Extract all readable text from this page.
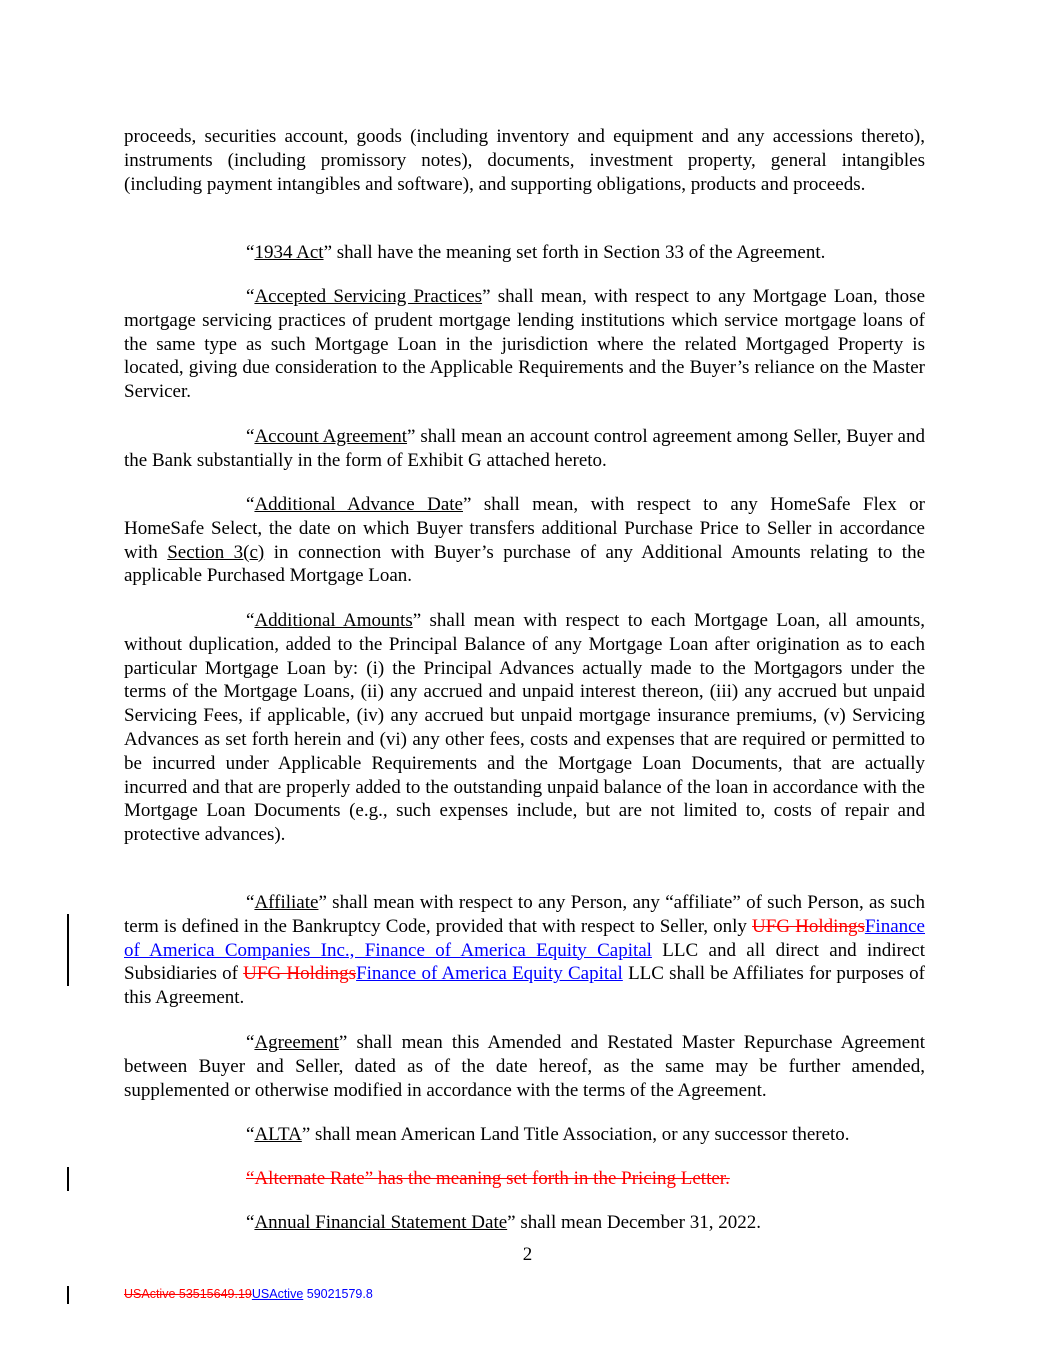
proceeds, securities account, goods (including inventory and equipment and any accessions thereto), instruments (including promissory notes), documents, investment property, general intangibles (including payment intangibles and software), and supporting obligations, products and proceeds.

“1934 Act” shall have the meaning set forth in Section 33 of the Agreement.

“Accepted Servicing Practices” shall mean, with respect to any Mortgage Loan, those mortgage servicing practices of prudent mortgage lending institutions which service mortgage loans of the same type as such Mortgage Loan in the jurisdiction where the related Mortgaged Property is located, giving due consideration to the Applicable Requirements and the Buyer’s reliance on the Master Servicer.

“Account Agreement” shall mean an account control agreement among Seller, Buyer and the Bank substantially in the form of Exhibit G attached hereto.

“Additional Advance Date” shall mean, with respect to any HomeSafe Flex or HomeSafe Select, the date on which Buyer transfers additional Purchase Price to Seller in accordance with Section 3(c) in connection with Buyer’s purchase of any Additional Amounts relating to the applicable Purchased Mortgage Loan.

“Additional Amounts” shall mean with respect to each Mortgage Loan, all amounts, without duplication, added to the Principal Balance of any Mortgage Loan after origination as to each particular Mortgage Loan by: (i) the Principal Advances actually made to the Mortgagors under the terms of the Mortgage Loans, (ii) any accrued and unpaid interest thereon, (iii) any accrued but unpaid Servicing Fees, if applicable, (iv) any accrued but unpaid mortgage insurance premiums, (v) Servicing Advances as set forth herein and (vi) any other fees, costs and expenses that are required or permitted to be incurred under Applicable Requirements and the Mortgage Loan Documents, that are actually incurred and that are properly added to the outstanding unpaid balance of the loan in accordance with the Mortgage Loan Documents (e.g., such expenses include, but are not limited to, costs of repair and protective advances).

“Affiliate” shall mean with respect to any Person, any “affiliate” of such Person, as such term is defined in the Bankruptcy Code, provided that with respect to Seller, only UFG HoldingsFinance of America Companies Inc., Finance of America Equity Capital LLC and all direct and indirect Subsidiaries of UFG HoldingsFinance of America Equity Capital LLC shall be Affiliates for purposes of this Agreement.

“Agreement” shall mean this Amended and Restated Master Repurchase Agreement between Buyer and Seller, dated as of the date hereof, as the same may be further amended, supplemented or otherwise modified in accordance with the terms of the Agreement.

“ALTA” shall mean American Land Title Association, or any successor thereto.

“Alternate Rate” has the meaning set forth in the Pricing Letter.

“Annual Financial Statement Date” shall mean December 31, 2022.

2
USActive 53515649.19USActive 59021579.8
